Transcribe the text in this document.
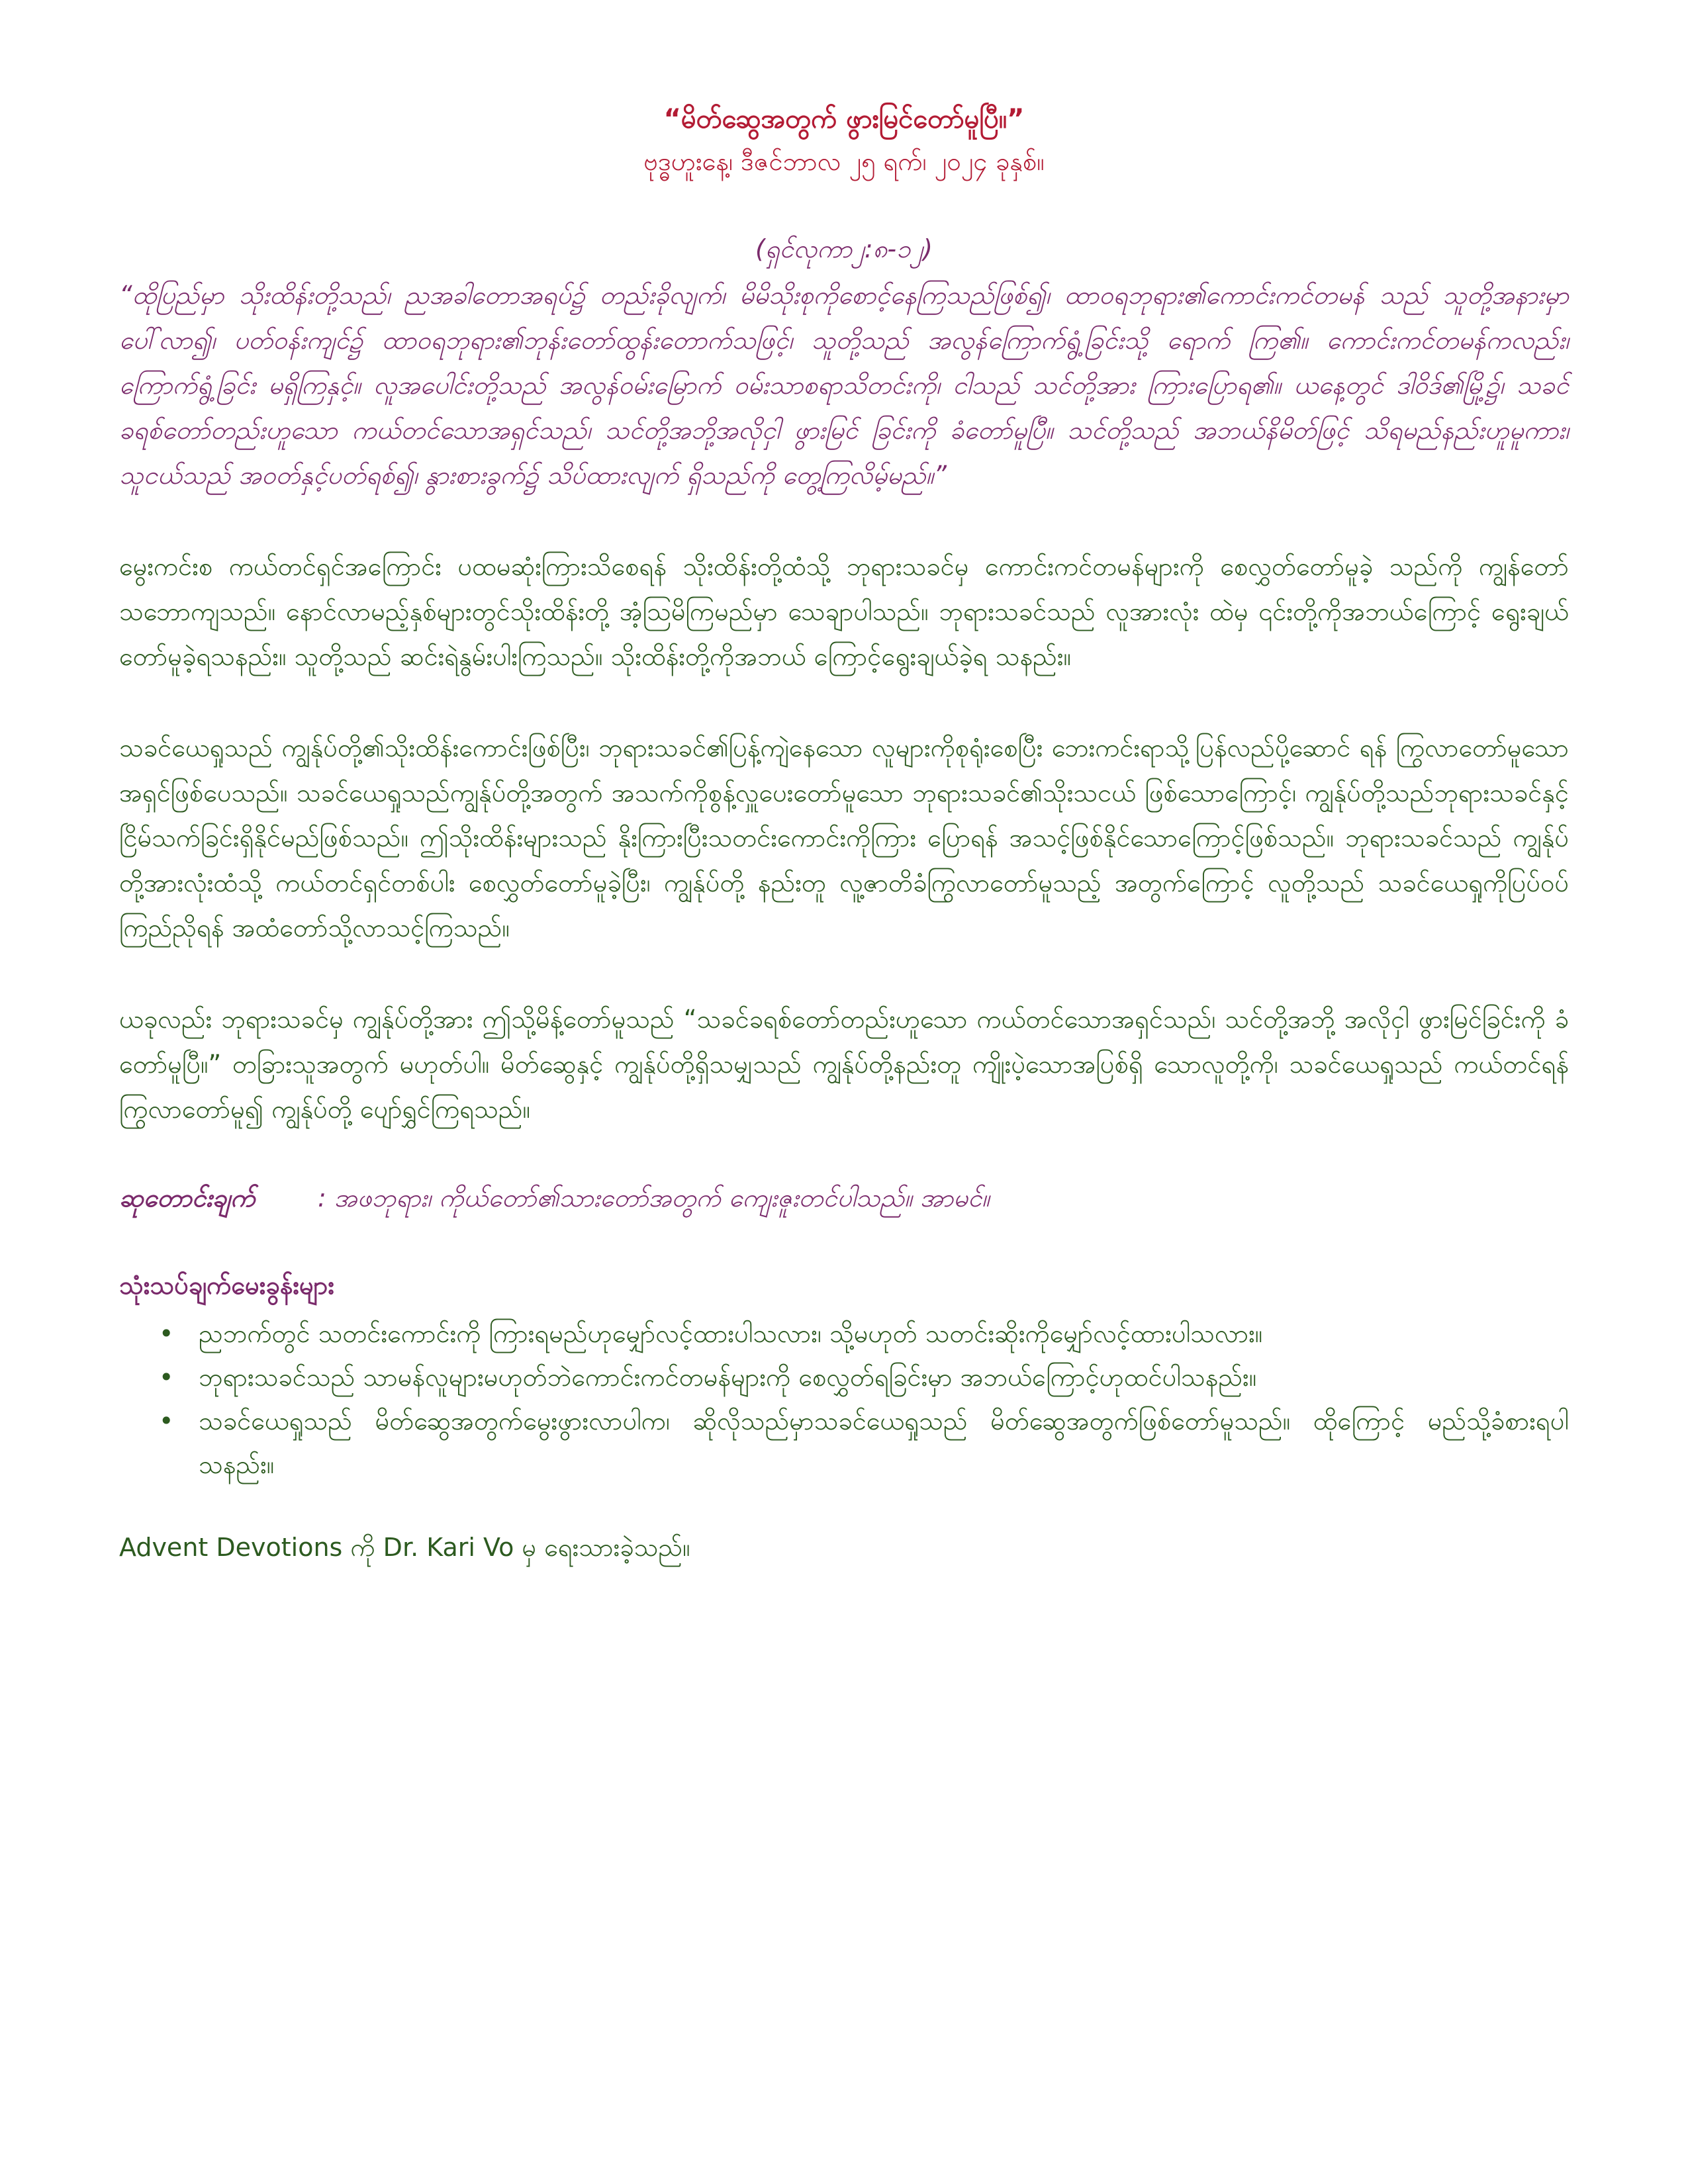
“မိတ်ဆွေအတွက် ဖွားမြင်တော်မူပြီ။”

ဗုဒ္ဓဟူးနေ့၊ ဒီဇင်ဘာလ ၂၅ ရက်၊ ၂၀၂၄ ခုနှစ်။

(ရှင်လုကာ၂:၈-၁၂)

“ထိုပြည်မှာ သိုးထိန်းတို့သည်၊ ညအခါတောအရပ်၌ တည်းခိုလျက်၊ မိမိသိုးစုကိုစောင့်နေကြသည်ဖြစ်၍၊ ထာဝရဘုရား၏ကောင်းကင်တမန် သည် သူတို့အနားမှာပေါ်လာ၍၊ ပတ်ဝန်းကျင်၌ ထာဝရဘုရား၏ဘုန်းတော်ထွန်းတောက်သဖြင့်၊ သူတို့သည် အလွန်ကြောက်ရွံ့ခြင်းသို့ ရောက် ကြ၏။ ကောင်းကင်တမန်ကလည်း၊ ကြောက်ရွံ့ခြင်း မရှိကြနှင့်။ လူအပေါင်းတို့သည် အလွန်ဝမ်းမြောက် ဝမ်းသာစရာသိတင်းကို၊ ငါသည် သင်တို့အား ကြားပြောရ၏။ ယနေ့တွင် ဒါဝိဒ်၏မြို့၌၊ သခင်ခရစ်တော်တည်းဟူသော ကယ်တင်သောအရှင်သည်၊ သင်တို့အဘို့အလိုငှါ ဖွားမြင် ခြင်းကို ခံတော်မူပြီ။ သင်တို့သည် အဘယ်နိမိတ်ဖြင့် သိရမည်နည်းဟူမူကား၊ သူငယ်သည် အဝတ်နှင့်ပတ်ရစ်၍၊ နွားစားခွက်၌ သိပ်ထားလျက် ရှိသည်ကို တွေ့ကြလိမ့်မည်။”

မွေးကင်းစ ကယ်တင်ရှင်အကြောင်း ပထမဆုံးကြားသိစေရန် သိုးထိန်းတို့ထံသို့ ဘုရားသခင်မှ ကောင်းကင်တမန်များကို စေလွှတ်တော်မူခဲ့ သည်ကို ကျွန်တော်သဘောကျသည်။ နောင်လာမည့်နှစ်များတွင်သိုးထိန်းတို့ အံ့သြမိကြမည်မှာ သေချာပါသည်။ ဘုရားသခင်သည် လူအားလုံး ထဲမှ ၎င်းတို့ကိုအဘယ်ကြောင့် ရွေးချယ်တော်မူခဲ့ရသနည်း။ သူတို့သည် ဆင်းရဲနွမ်းပါးကြသည်။ သိုးထိန်းတို့ကိုအဘယ် ကြောင့်ရွေးချယ်ခဲ့ရ သနည်း။

သခင်ယေရှုသည် ကျွန်ုပ်တို့၏သိုးထိန်းကောင်းဖြစ်ပြီး၊ ဘုရားသခင်၏ပြန့်ကျဲနေသော လူများကိုစုရုံးစေပြီး ဘေးကင်းရာသို့ပြန်လည်ပို့ဆောင် ရန် ကြွလာတော်မူသောအရှင်ဖြစ်ပေသည်။ သခင်ယေရှုသည်ကျွန်ုပ်တို့အတွက် အသက်ကိုစွန့်လှူပေးတော်မူသော ဘုရားသခင်၏သိုးသငယ် ဖြစ်သောကြောင့်၊ ကျွန်ုပ်တို့သည်ဘုရားသခင်နှင့် ငြိမ်သက်ခြင်းရှိနိုင်မည်ဖြစ်သည်။ ဤသိုးထိန်းများသည် နိုးကြားပြီးသတင်းကောင်းကိုကြား ပြောရန် အသင့်ဖြစ်နိုင်သောကြောင့်ဖြစ်သည်။ ဘုရားသခင်သည် ကျွန်ုပ်တို့အားလုံးထံသို့ ကယ်တင်ရှင်တစ်ပါး စေလွှတ်တော်မူခဲ့ပြီး၊ ကျွန်ုပ်တို့ နည်းတူ လူ့ဇာတိခံကြွလာတော်မူသည့် အတွက်ကြောင့် လူတို့သည် သခင်ယေရှုကိုပြပ်ဝပ်ကြည်ညိုရန် အထံတော်သို့လာသင့်ကြသည်။

ယခုလည်း ဘုရားသခင်မှ ကျွန်ုပ်တို့အား ဤသို့မိန့်တော်မူသည် “သခင်ခရစ်တော်တည်းဟူသော ကယ်တင်သောအရှင်သည်၊ သင်တို့အဘို့ အလိုငှါ ဖွားမြင်ခြင်းကို ခံတော်မူပြီ။” တခြားသူအတွက် မဟုတ်ပါ။ မိတ်ဆွေနှင့် ကျွန်ုပ်တို့ရှိသမျှသည် ကျွန်ုပ်တို့နည်းတူ ကျိုးပဲ့သောအပြစ်ရှိ သောလူတို့ကို၊ သခင်ယေရှုသည် ကယ်တင်ရန်ကြွလာတော်မူ၍ ကျွန်ုပ်တို့ ပျော်ရွှင်ကြရသည်။

ဆုတောင်းချက် : အဖဘုရား၊ ကိုယ်တော်၏သားတော်အတွက် ကျေးဇူးတင်ပါသည်။ အာမင်။

သုံးသပ်ချက်မေးခွန်းများ

• ညဘက်တွင် သတင်းကောင်းကို ကြားရမည်ဟုမျှော်လင့်ထားပါသလား၊ သို့မဟုတ် သတင်းဆိုးကိုမျှော်လင့်ထားပါသလား။
• ဘုရားသခင်သည် သာမန်လူများမဟုတ်ဘဲကောင်းကင်တမန်များကို စေလွှတ်ရခြင်းမှာ အဘယ်ကြောင့်ဟုထင်ပါသနည်း။
• သခင်ယေရှုသည် မိတ်ဆွေအတွက်မွေးဖွားလာပါက၊ ဆိုလိုသည်မှာသခင်ယေရှုသည် မိတ်ဆွေအတွက်ဖြစ်တော်မူသည်။ ထိုကြောင့် မည်သို့ခံစားရပါသနည်း။

Advent Devotions ကို Dr. Kari Vo မှ ရေးသားခဲ့သည်။
